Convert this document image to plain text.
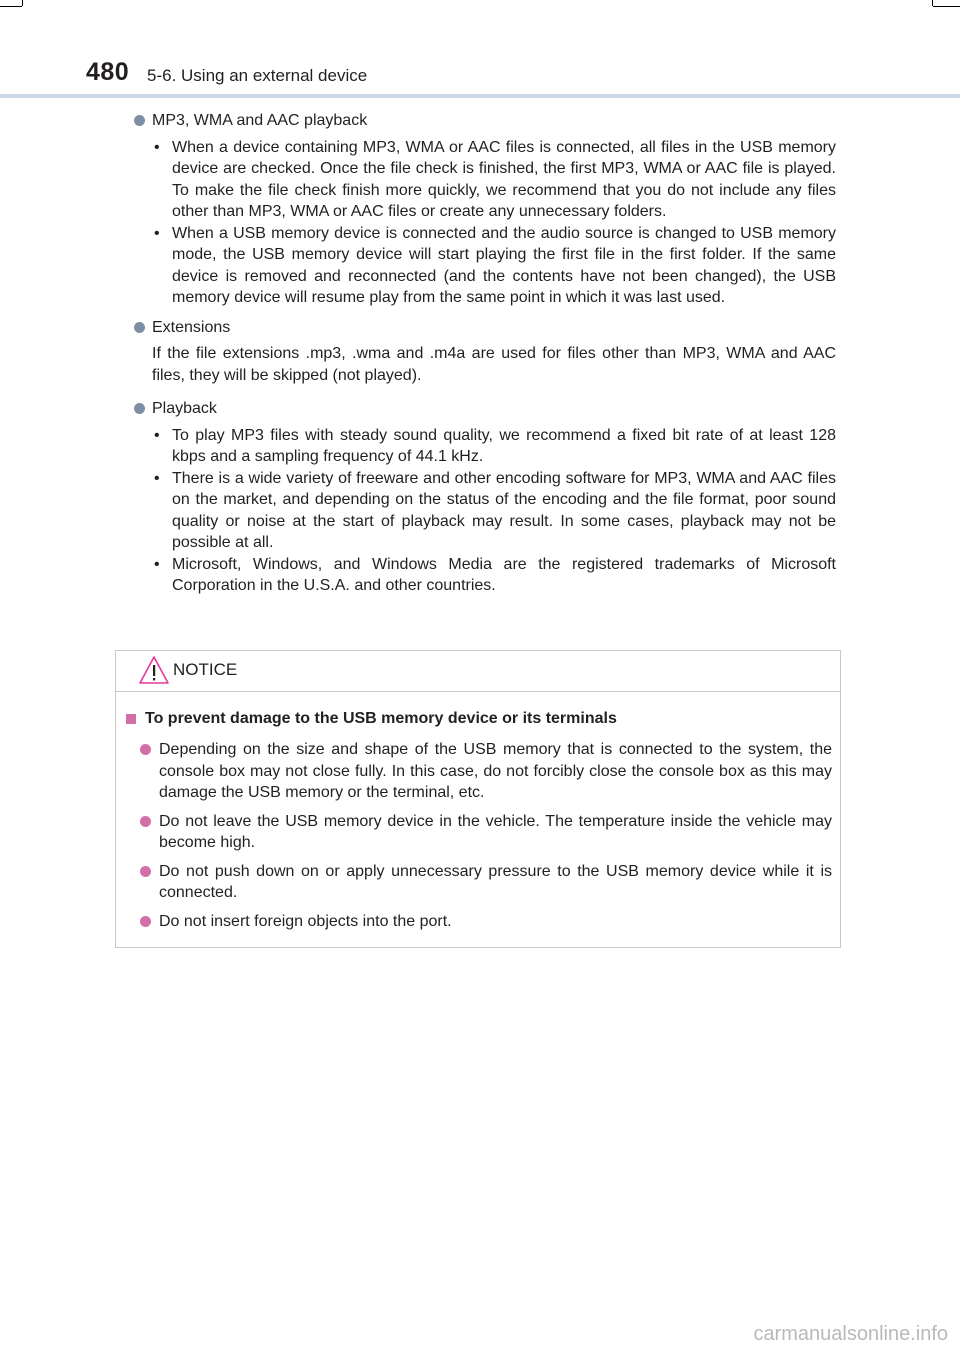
480 5-6. Using an external device
MP3, WMA and AAC playback
• When a device containing MP3, WMA or AAC files is connected, all files in the USB memory device are checked. Once the file check is finished, the first MP3, WMA or AAC file is played. To make the file check finish more quickly, we recommend that you do not include any files other than MP3, WMA or AAC files or create any unnecessary folders.
• When a USB memory device is connected and the audio source is changed to USB memory mode, the USB memory device will start playing the first file in the first folder. If the same device is removed and reconnected (and the contents have not been changed), the USB memory device will resume play from the same point in which it was last used.
Extensions
If the file extensions .mp3, .wma and .m4a are used for files other than MP3, WMA and AAC files, they will be skipped (not played).
Playback
• To play MP3 files with steady sound quality, we recommend a fixed bit rate of at least 128 kbps and a sampling frequency of 44.1 kHz.
• There is a wide variety of freeware and other encoding software for MP3, WMA and AAC files on the market, and depending on the status of the encoding and the file format, poor sound quality or noise at the start of playback may result. In some cases, playback may not be possible at all.
• Microsoft, Windows, and Windows Media are the registered trademarks of Microsoft Corporation in the U.S.A. and other countries.
NOTICE
To prevent damage to the USB memory device or its terminals
Depending on the size and shape of the USB memory that is connected to the system, the console box may not close fully. In this case, do not forcibly close the console box as this may damage the USB memory or the terminal, etc.
Do not leave the USB memory device in the vehicle. The temperature inside the vehicle may become high.
Do not push down on or apply unnecessary pressure to the USB memory device while it is connected.
Do not insert foreign objects into the port.
carmanualsonline.info
